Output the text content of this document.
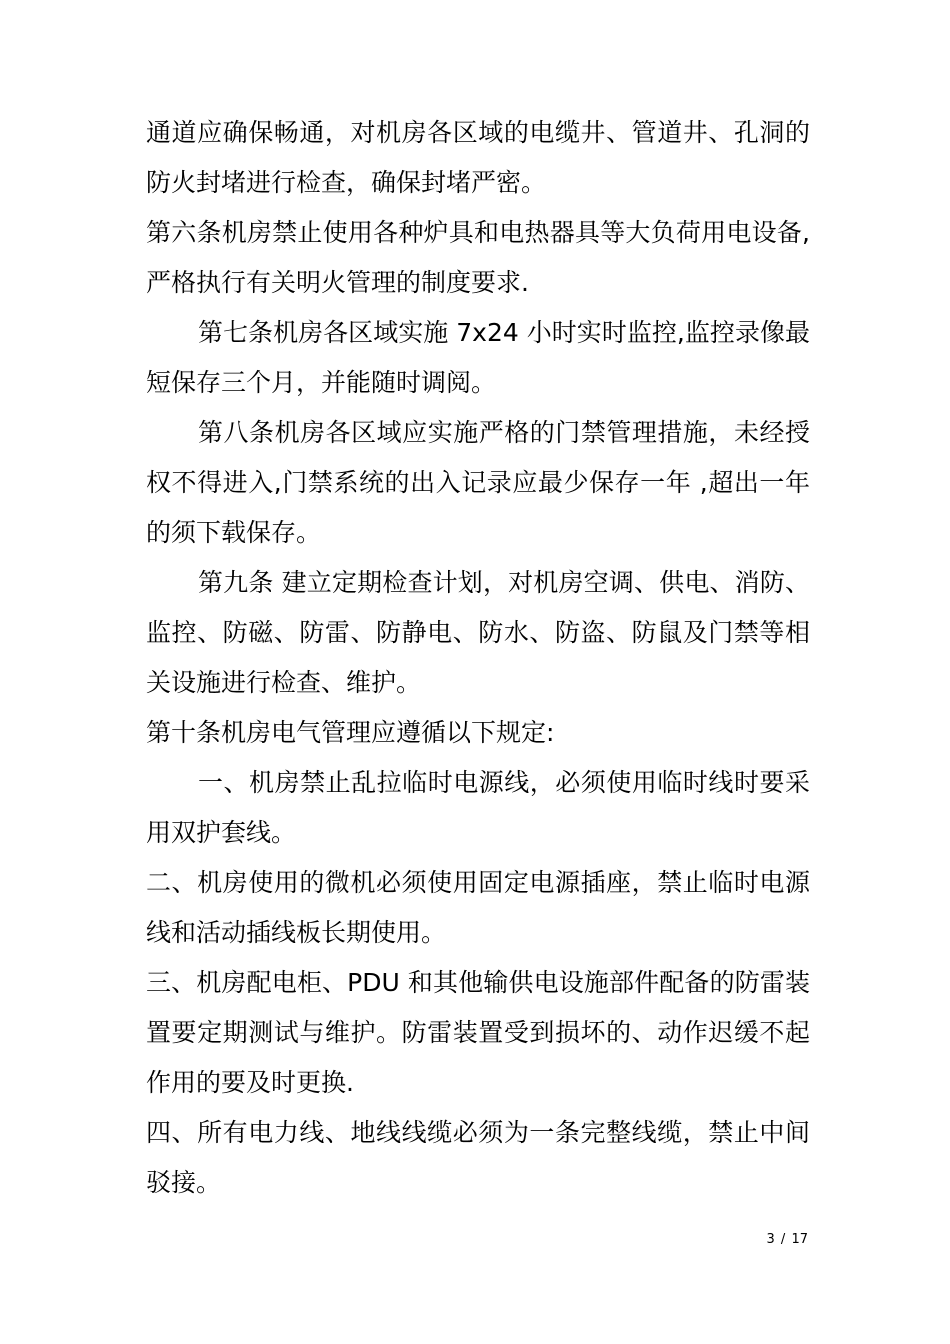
通道应确保畅通，对机房各区域的电缆井、管道井、孔洞的防火封堵进行检查，确保封堵严密。

第六条机房禁止使用各种炉具和电热器具等大负荷用电设备,严格执行有关明火管理的制度要求.

第七条机房各区域实施 7x24 小时实时监控,监控录像最短保存三个月，并能随时调阅。

第八条机房各区域应实施严格的门禁管理措施，未经授权不得进入,门禁系统的出入记录应最少保存一年 ,超出一年的须下载保存。

第九条 建立定期检查计划，对机房空调、供电、消防、监控、防磁、防雷、防静电、防水、防盗、防鼠及门禁等相关设施进行检查、维护。

第十条机房电气管理应遵循以下规定:

一、机房禁止乱拉临时电源线，必须使用临时线时要采用双护套线。

二、机房使用的微机必须使用固定电源插座，禁止临时电源线和活动插线板长期使用。

三、机房配电柜、PDU 和其他输供电设施部件配备的防雷装置要定期测试与维护。防雷装置受到损坏的、动作迟缓不起作用的要及时更换.

四、所有电力线、地线线缆必须为一条完整线缆，禁止中间驳接。

3 / 17
